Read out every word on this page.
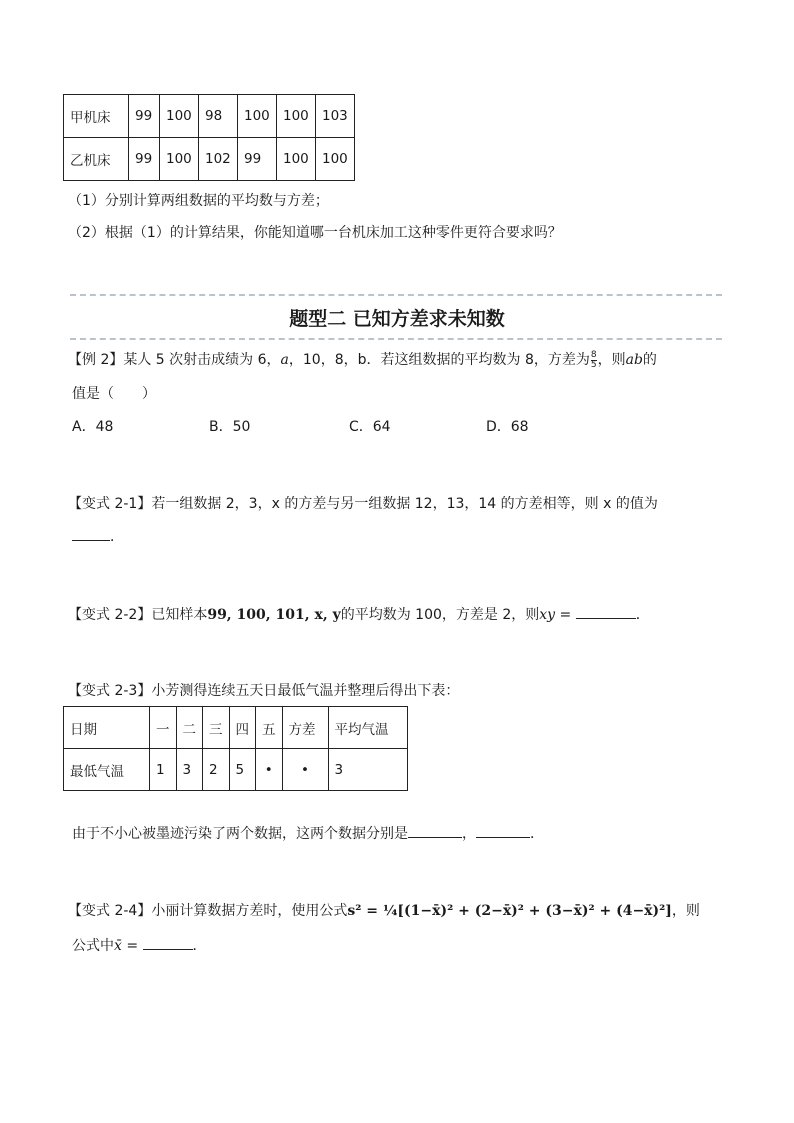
甲机床	99	100	98	100	100	103
乙机床	99	100	102	99	100	100
（1）分别计算两组数据的平均数与方差；
（2）根据（1）的计算结果，你能知道哪一台机床加工这种零件更符合要求吗？
题型二 已知方差求未知数
【例 2】某人 5 次射击成绩为 6，a，10，8，b．若这组数据的平均数为 8，方差为 $\frac{8}{5}$ ，则ab的
值是（　　）
A．48	B．50	C．64	D．68
【变式 2-1】若一组数据 2，3，x 的方差与另一组数据 12，13，14 的方差相等，则 x 的值为
．
【变式 2-2】已知样本99, 100, 101, x, y的平均数为 100，方差是 2，则xy =	．
【变式 2-3】小芳测得连续五天日最低气温并整理后得出下表：
日期	一	二	三	四	五	方差	平均气温
最低气温	1	3	2	5	•	•	3
由于不小心被墨迹污染了两个数据，这两个数据分别是	，	．
【变式 2-4】小丽计算数据方差时，使用公式s² = ¼[(1−x̄)² + (2−x̄)² + (3−x̄)² + (4−x̄)²]，则
公式中x̄ =	．
